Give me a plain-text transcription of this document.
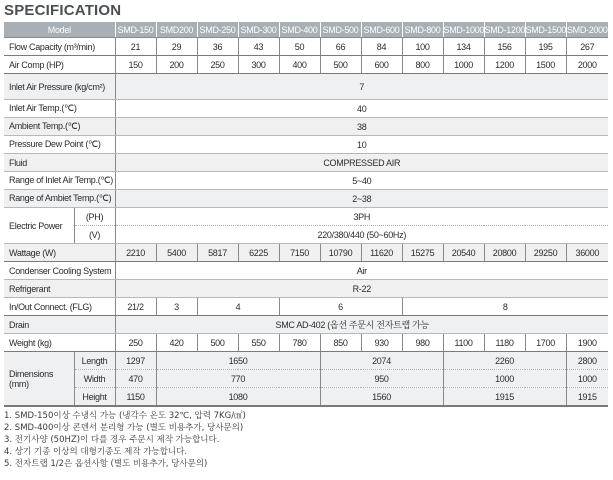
SPECIFICATION
Model		SMD-150	SMD200	SMD-250	SMD-300	SMD-400	SMD-500	SMD-600	SMD-800	SMD-1000	SMD-1200	SMD-1500	SMD-2000
Flow Capacity (m³/min)		21	29	36	43	50	66	84	100	134	156	195	267
Air Comp (HP)		150	200	250	300	400	500	600	800	1000	1200	1500	2000
Inlet Air Pressure (kg/cm²)		7											
Inlet Air Temp.(℃)		40											
Ambient Temp.(℃)		38											
Pressure Dew Point (℃)		10											
Fluid		COMPRESSED AIR											
Range of Inlet Air Temp.(℃)		5~40											
Range of Ambiet Temp.(℃)		2~38											
Electric Power	(PH)	3PH											
	(V)	220/380/440 (50~60Hz)											
Wattage (W)		2210	5400	5817	6225	7150	10790	11620	15275	20540	20800	29250	36000
Condenser Cooling System		Air											
Refrigerant		R-22											
In/Out Connect. (FLG)		21/2	3	4		6			8				
Drain		SMC AD-402 (옵션 주문시 전자트랩 가능											
Weight (kg)		250	420	500	550	780	850	930	980	1100	1180	1700	1900
Dimensions
(mm)	Length	1297	1650				2074			2260			2800
	Width	470	770				950			1000			1000
	Height	1150	1080				1560			1915			1915
1. SMD-150이상 수냉식 가능 (냉각수 온도 32℃, 압력 7KG/㎠)
2. SMD-400이상 콘덴서 분리형 가능 (별도 비용추가, 당사문의)
3. 전기사양 (50HZ)이 다를 경우 주문시 제작 가능합니다.
4. 상기 기종 이상의 대형기종도 제작 가능합니다.
5. 전자트랩 1/2은 옵션사항 (별도 비용추가, 당사문의)
